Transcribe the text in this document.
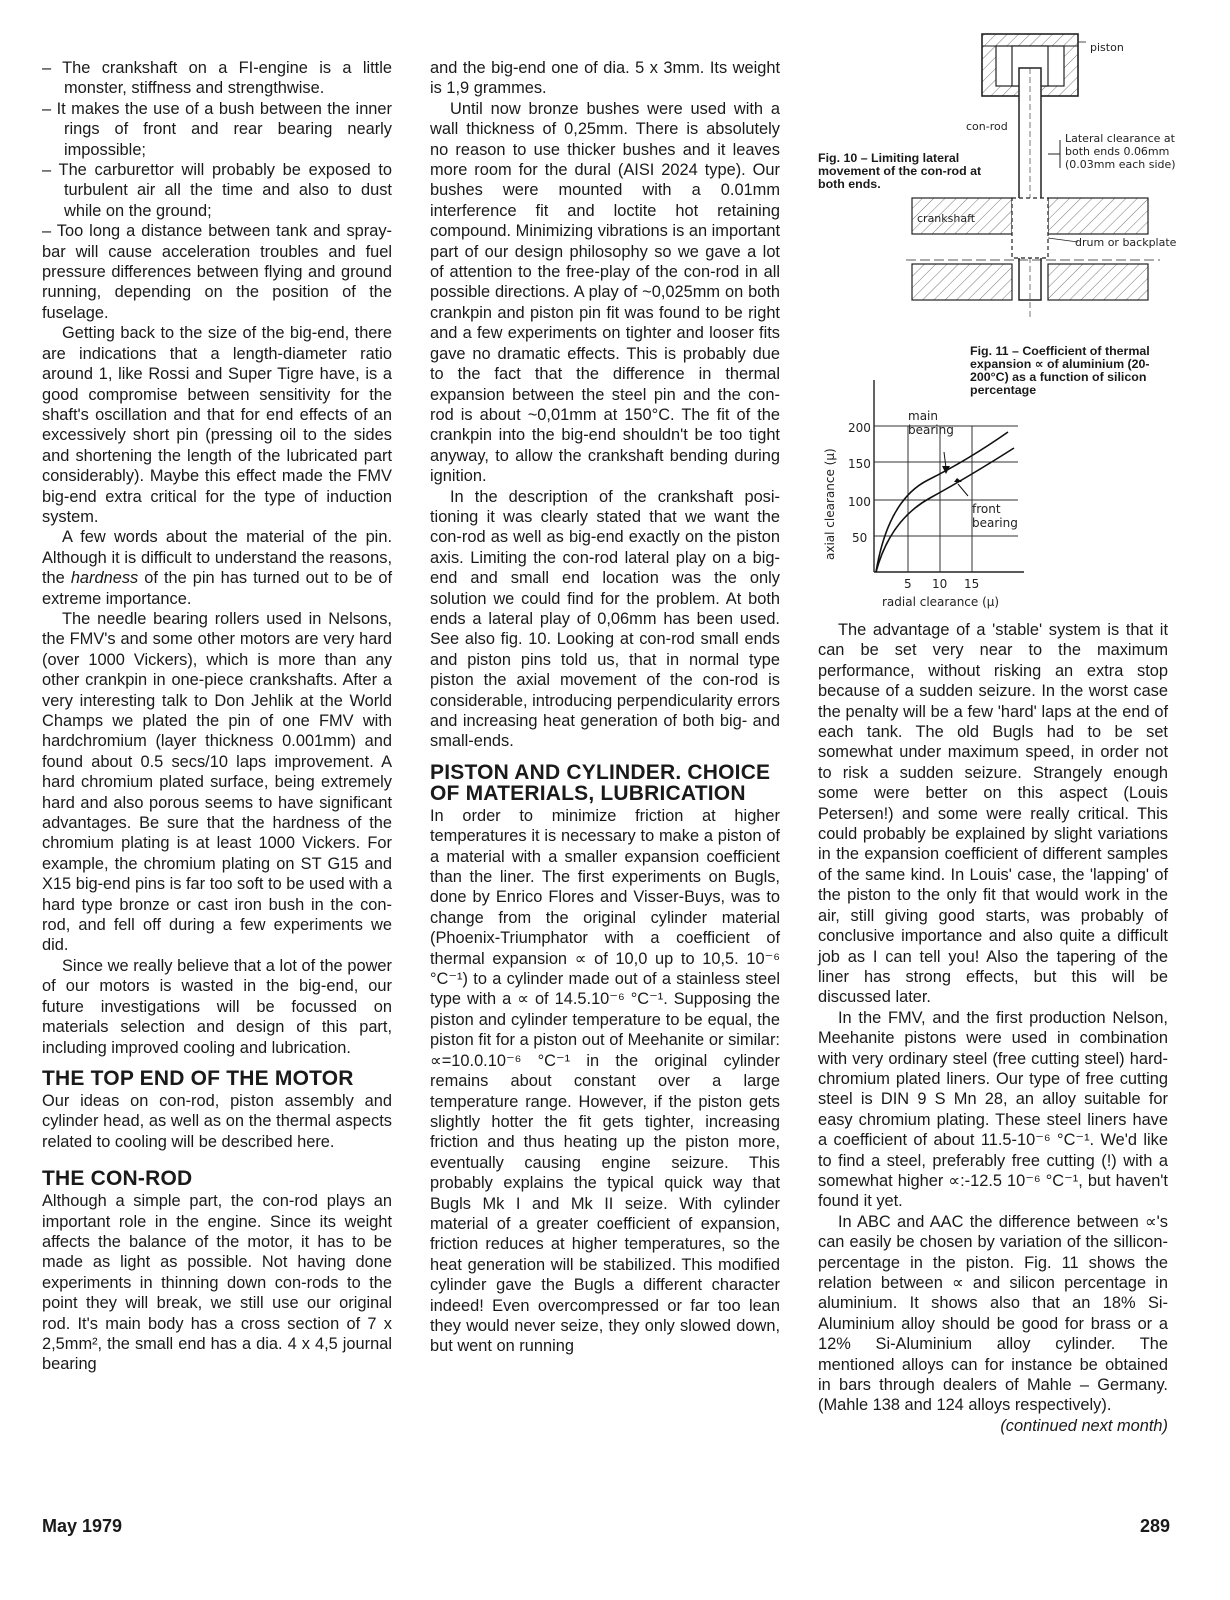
– The crankshaft on a FI-engine is a little monster, stiffness and strengthwise.

– It makes the use of a bush between the inner rings of front and rear bearing nearly impossible;

– The carburettor will probably be exposed to turbulent air all the time and also to dust while on the ground;

– Too long a distance between tank and spray-bar will cause acceleration troubles and fuel pressure differences between flying and ground running, depending on the position of the fuselage.

Getting back to the size of the big-end, there are indications that a length-diameter ratio around 1, like Rossi and Super Tigre have, is a good compromise between sensitivity for the shaft's oscillation and that for end effects of an excessively short pin (pressing oil to the sides and shortening the length of the lubricated part considerably). Maybe this effect made the FMV big-end extra critical for the type of induction system.

A few words about the material of the pin. Although it is difficult to understand the reasons, the hardness of the pin has turned out to be of extreme importance.

The needle bearing rollers used in Nelsons, the FMV's and some other motors are very hard (over 1000 Vickers), which is more than any other crankpin in one-piece crankshafts. After a very interesting talk to Don Jehlik at the World Champs we plated the pin of one FMV with hardchromium (layer thickness 0.001mm) and found about 0.5 secs/10 laps improvement. A hard chromium plated surface, being extremely hard and also porous seems to have significant advantages. Be sure that the hardness of the chromium plating is at least 1000 Vickers. For example, the chromium plating on ST G15 and X15 big-end pins is far too soft to be used with a hard type bronze or cast iron bush in the con-rod, and fell off during a few experiments we did.

Since we really believe that a lot of the power of our motors is wasted in the big-end, our future investigations will be focussed on materials selection and design of this part, including improved cooling and lubrication.

THE TOP END OF THE MOTOR

Our ideas on con-rod, piston assembly and cylinder head, as well as on the thermal aspects related to cooling will be described here.

THE CON-ROD

Although a simple part, the con-rod plays an important role in the engine. Since its weight affects the balance of the motor, it has to be made as light as possible. Not having done experiments in thinning down con-rods to the point they will break, we still use our original rod. It's main body has a cross section of 7 x 2,5mm², the small end has a dia. 4 x 4,5 journal bearing

and the big-end one of dia. 5 x 3mm. Its weight is 1,9 grammes.

Until now bronze bushes were used with a wall thickness of 0,25mm. There is absolutely no reason to use thicker bushes and it leaves more room for the dural (AISI 2024 type). Our bushes were mounted with a 0.01mm interference fit and loctite hot retaining compound. Minimizing vibrations is an important part of our design philosophy so we gave a lot of attention to the free-play of the con-rod in all possible directions. A play of ~0,025mm on both crankpin and piston pin fit was found to be right and a few experiments on tighter and looser fits gave no dramatic effects. This is probably due to the fact that the difference in thermal expansion between the steel pin and the con-rod is about ~0,01mm at 150°C. The fit of the crankpin into the big-end shouldn't be too tight anyway, to allow the crankshaft bending during ignition.

In the description of the crankshaft positioning it was clearly stated that we want the con-rod as well as big-end exactly on the piston axis. Limiting the con-rod lateral play on a big-end and small end location was the only solution we could find for the problem. At both ends a lateral play of 0,06mm has been used. See also fig. 10. Looking at con-rod small ends and piston pins told us, that in normal type piston the axial movement of the con-rod is considerable, introducing perpendicularity errors and increasing heat generation of both big- and small-ends.

PISTON AND CYLINDER. CHOICE OF MATERIALS, LUBRICATION

In order to minimize friction at higher temperatures it is necessary to make a piston of a material with a smaller expansion coefficient than the liner. The first experiments on Bugls, done by Enrico Flores and Visser-Buys, was to change from the original cylinder material (Phoenix-Triumphator with a coefficient of thermal expansion ∝ of 10,0 up to 10,5. 10⁻⁶ °C⁻¹) to a cylinder made out of a stainless steel type with a ∝ of 14.5.10⁻⁶ °C⁻¹. Supposing the piston and cylinder temperature to be equal, the piston fit for a piston out of Meehanite or similar: ∝=10.0.10⁻⁶ °C⁻¹ in the original cylinder remains about constant over a large temperature range. However, if the piston gets slightly hotter the fit gets tighter, increasing friction and thus heating up the piston more, eventually causing engine seizure. This probably explains the typical quick way that Bugls Mk I and Mk II seize. With cylinder material of a greater coefficient of expansion, friction reduces at higher temperatures, so the heat generation will be stabilized. This modified cylinder gave the Bugls a different character indeed! Even overcompressed or far too lean they would never seize, they only slowed down, but went on running

Fig. 10 – Limiting lateral movement of the con-rod at both ends.
piston
con-rod
Lateral clearance at both ends 0.06mm (0.03mm each side)
crankshaft
drum or backplate
Fig. 11 – Coefficient of thermal expansion ∝ of aluminium (20-200°C) as a function of silicon percentage
200
150
100
50
5 10 15
axial clearance (μ)
main bearing
front bearing
radial clearance (μ)

The advantage of a 'stable' system is that it can be set very near to the maximum performance, without risking an extra stop because of a sudden seizure. In the worst case the penalty will be a few 'hard' laps at the end of each tank. The old Bugls had to be set somewhat under maximum speed, in order not to risk a sudden seizure. Strangely enough some were better on this aspect (Louis Petersen!) and some were really critical. This could probably be explained by slight variations in the expansion coefficient of different samples of the same kind. In Louis' case, the 'lapping' of the piston to the only fit that would work in the air, still giving good starts, was probably of conclusive importance and also quite a difficult job as I can tell you! Also the tapering of the liner has strong effects, but this will be discussed later.

In the FMV, and the first production Nelson, Meehanite pistons were used in combination with very ordinary steel (free cutting steel) hard-chromium plated liners. Our type of free cutting steel is DIN 9 S Mn 28, an alloy suitable for easy chromium plating. These steel liners have a coefficient of about 11.5-10⁻⁶ °C⁻¹. We'd like to find a steel, preferably free cutting (!) with a somewhat higher ∝:-12.5 10⁻⁶ °C⁻¹, but haven't found it yet.

In ABC and AAC the difference between ∝'s can easily be chosen by variation of the sillicon-percentage in the piston. Fig. 11 shows the relation between ∝ and silicon percentage in aluminium. It shows also that an 18% Si-Aluminium alloy should be good for brass or a 12% Si-Aluminium alloy cylinder. The mentioned alloys can for instance be obtained in bars through dealers of Mahle – Germany. (Mahle 138 and 124 alloys respectively).

(continued next month)

May 1979	289
